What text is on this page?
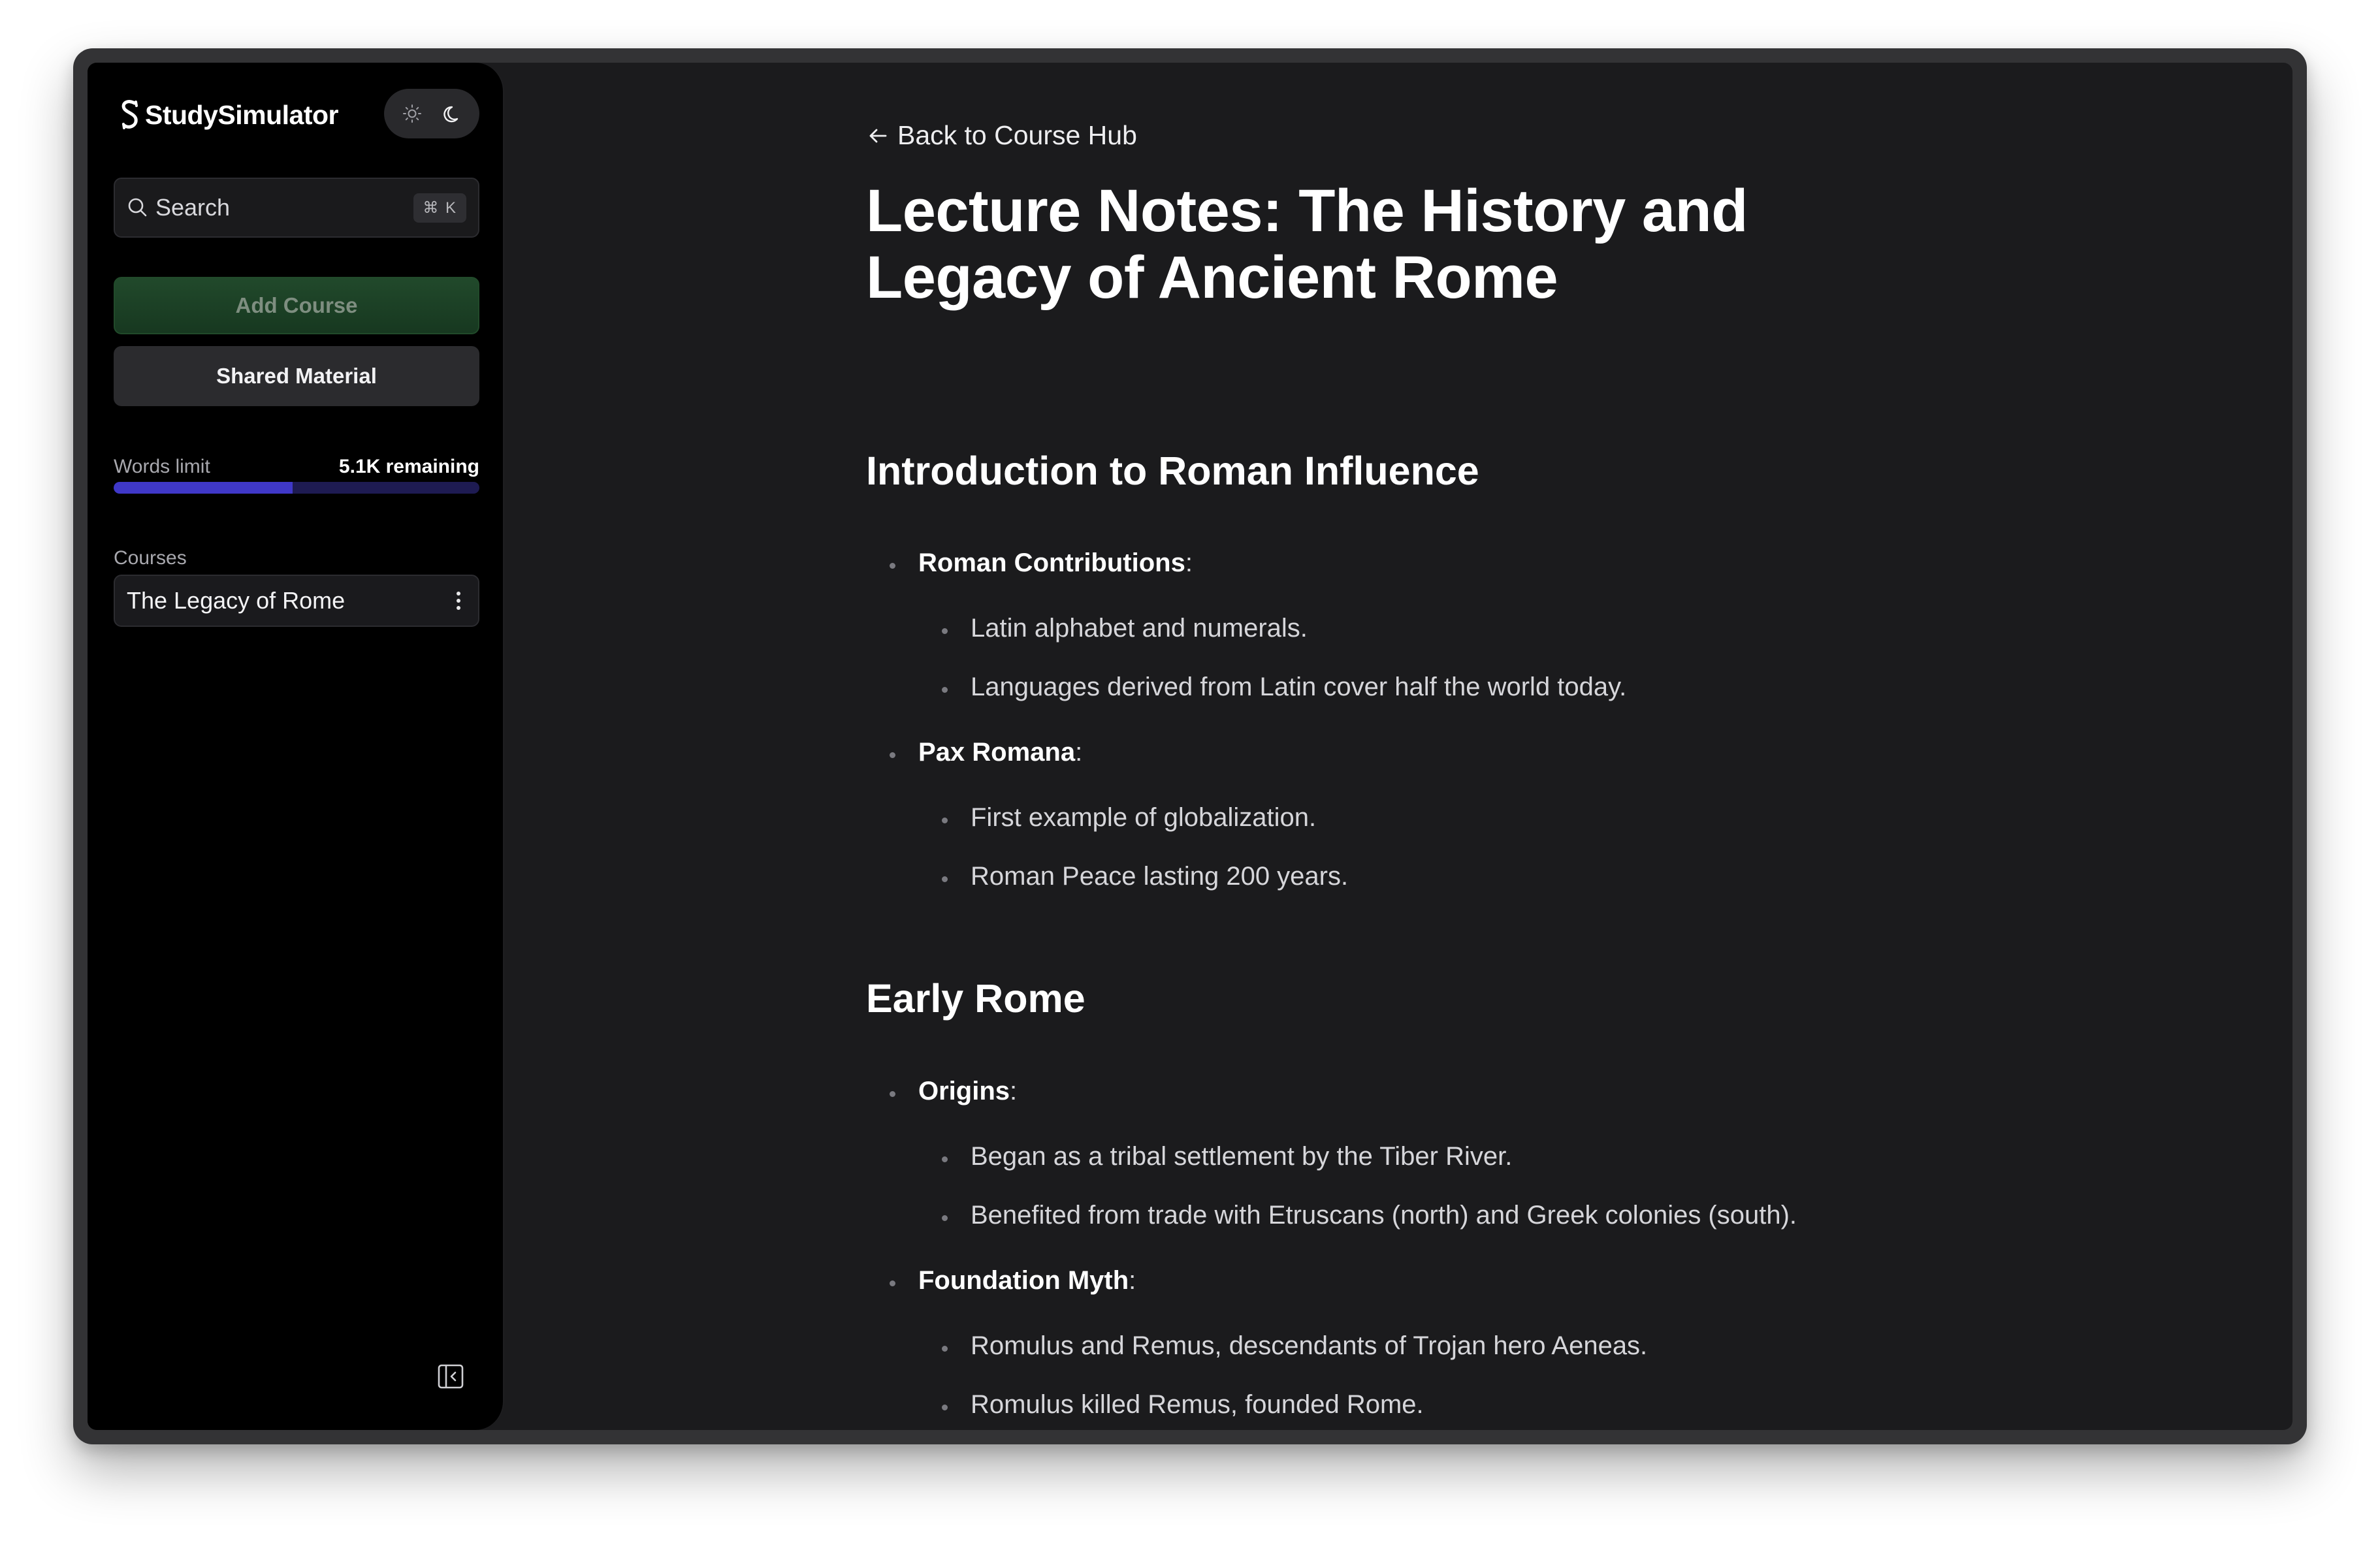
StudySimulator
Search	⌘ K
Add Course
Shared Material
Words limit	5.1K remaining
Courses
The Legacy of Rome
Back to Course Hub
Lecture Notes: The History and Legacy of Ancient Rome
Introduction to Roman Influence
Roman Contributions:
Latin alphabet and numerals.
Languages derived from Latin cover half the world today.
Pax Romana:
First example of globalization.
Roman Peace lasting 200 years.
Early Rome
Origins:
Began as a tribal settlement by the Tiber River.
Benefited from trade with Etruscans (north) and Greek colonies (south).
Foundation Myth:
Romulus and Remus, descendants of Trojan hero Aeneas.
Romulus killed Remus, founded Rome.
